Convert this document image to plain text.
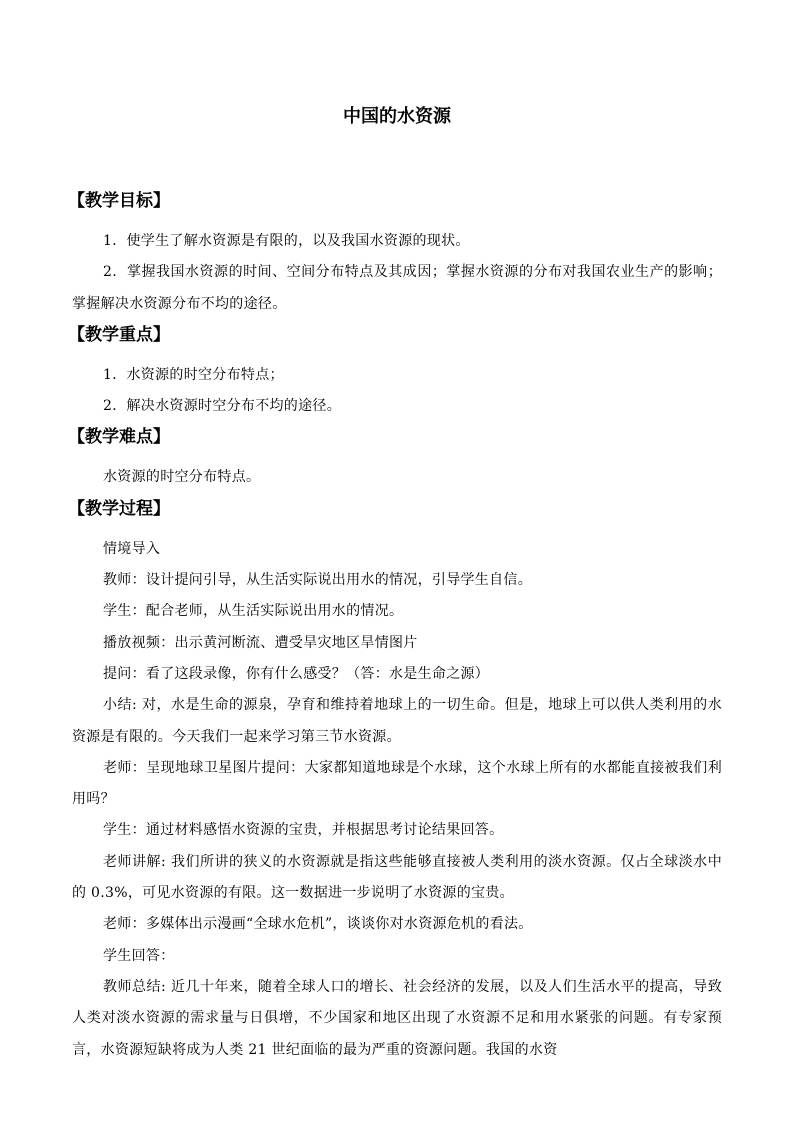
中国的水资源
【教学目标】

1．使学生了解水资源是有限的，以及我国水资源的现状。

2．掌握我国水资源的时间、空间分布特点及其成因；掌握水资源的分布对我国农业生产的影响；掌握解决水资源分布不均的途径。

【教学重点】

1．水资源的时空分布特点；

2．解决水资源时空分布不均的途径。

【教学难点】

水资源的时空分布特点。

【教学过程】

情境导入

教师：设计提问引导，从生活实际说出用水的情况，引导学生自信。

学生：配合老师，从生活实际说出用水的情况。

播放视频：出示黄河断流、遭受旱灾地区旱情图片

提问：看了这段录像，你有什么感受？（答：水是生命之源）

小结: 对，水是生命的源泉，孕育和维持着地球上的一切生命。但是，地球上可以供人类利用的水资源是有限的。今天我们一起来学习第三节水资源。

老师：呈现地球卫星图片提问：大家都知道地球是个水球，这个水球上所有的水都能直接被我们利用吗？

学生：通过材料感悟水资源的宝贵，并根据思考讨论结果回答。

老师讲解: 我们所讲的狭义的水资源就是指这些能够直接被人类利用的淡水资源。仅占全球淡水中的 0.3%，可见水资源的有限。这一数据进一步说明了水资源的宝贵。

老师：多媒体出示漫画“全球水危机”，谈谈你对水资源危机的看法。

学生回答：

教师总结: 近几十年来，随着全球人口的增长、社会经济的发展，以及人们生活水平的提高，导致人类对淡水资源的需求量与日俱增，不少国家和地区出现了水资源不足和用水紧张的问题。有专家预言，水资源短缺将成为人类 21 世纪面临的最为严重的资源问题。我国的水资
